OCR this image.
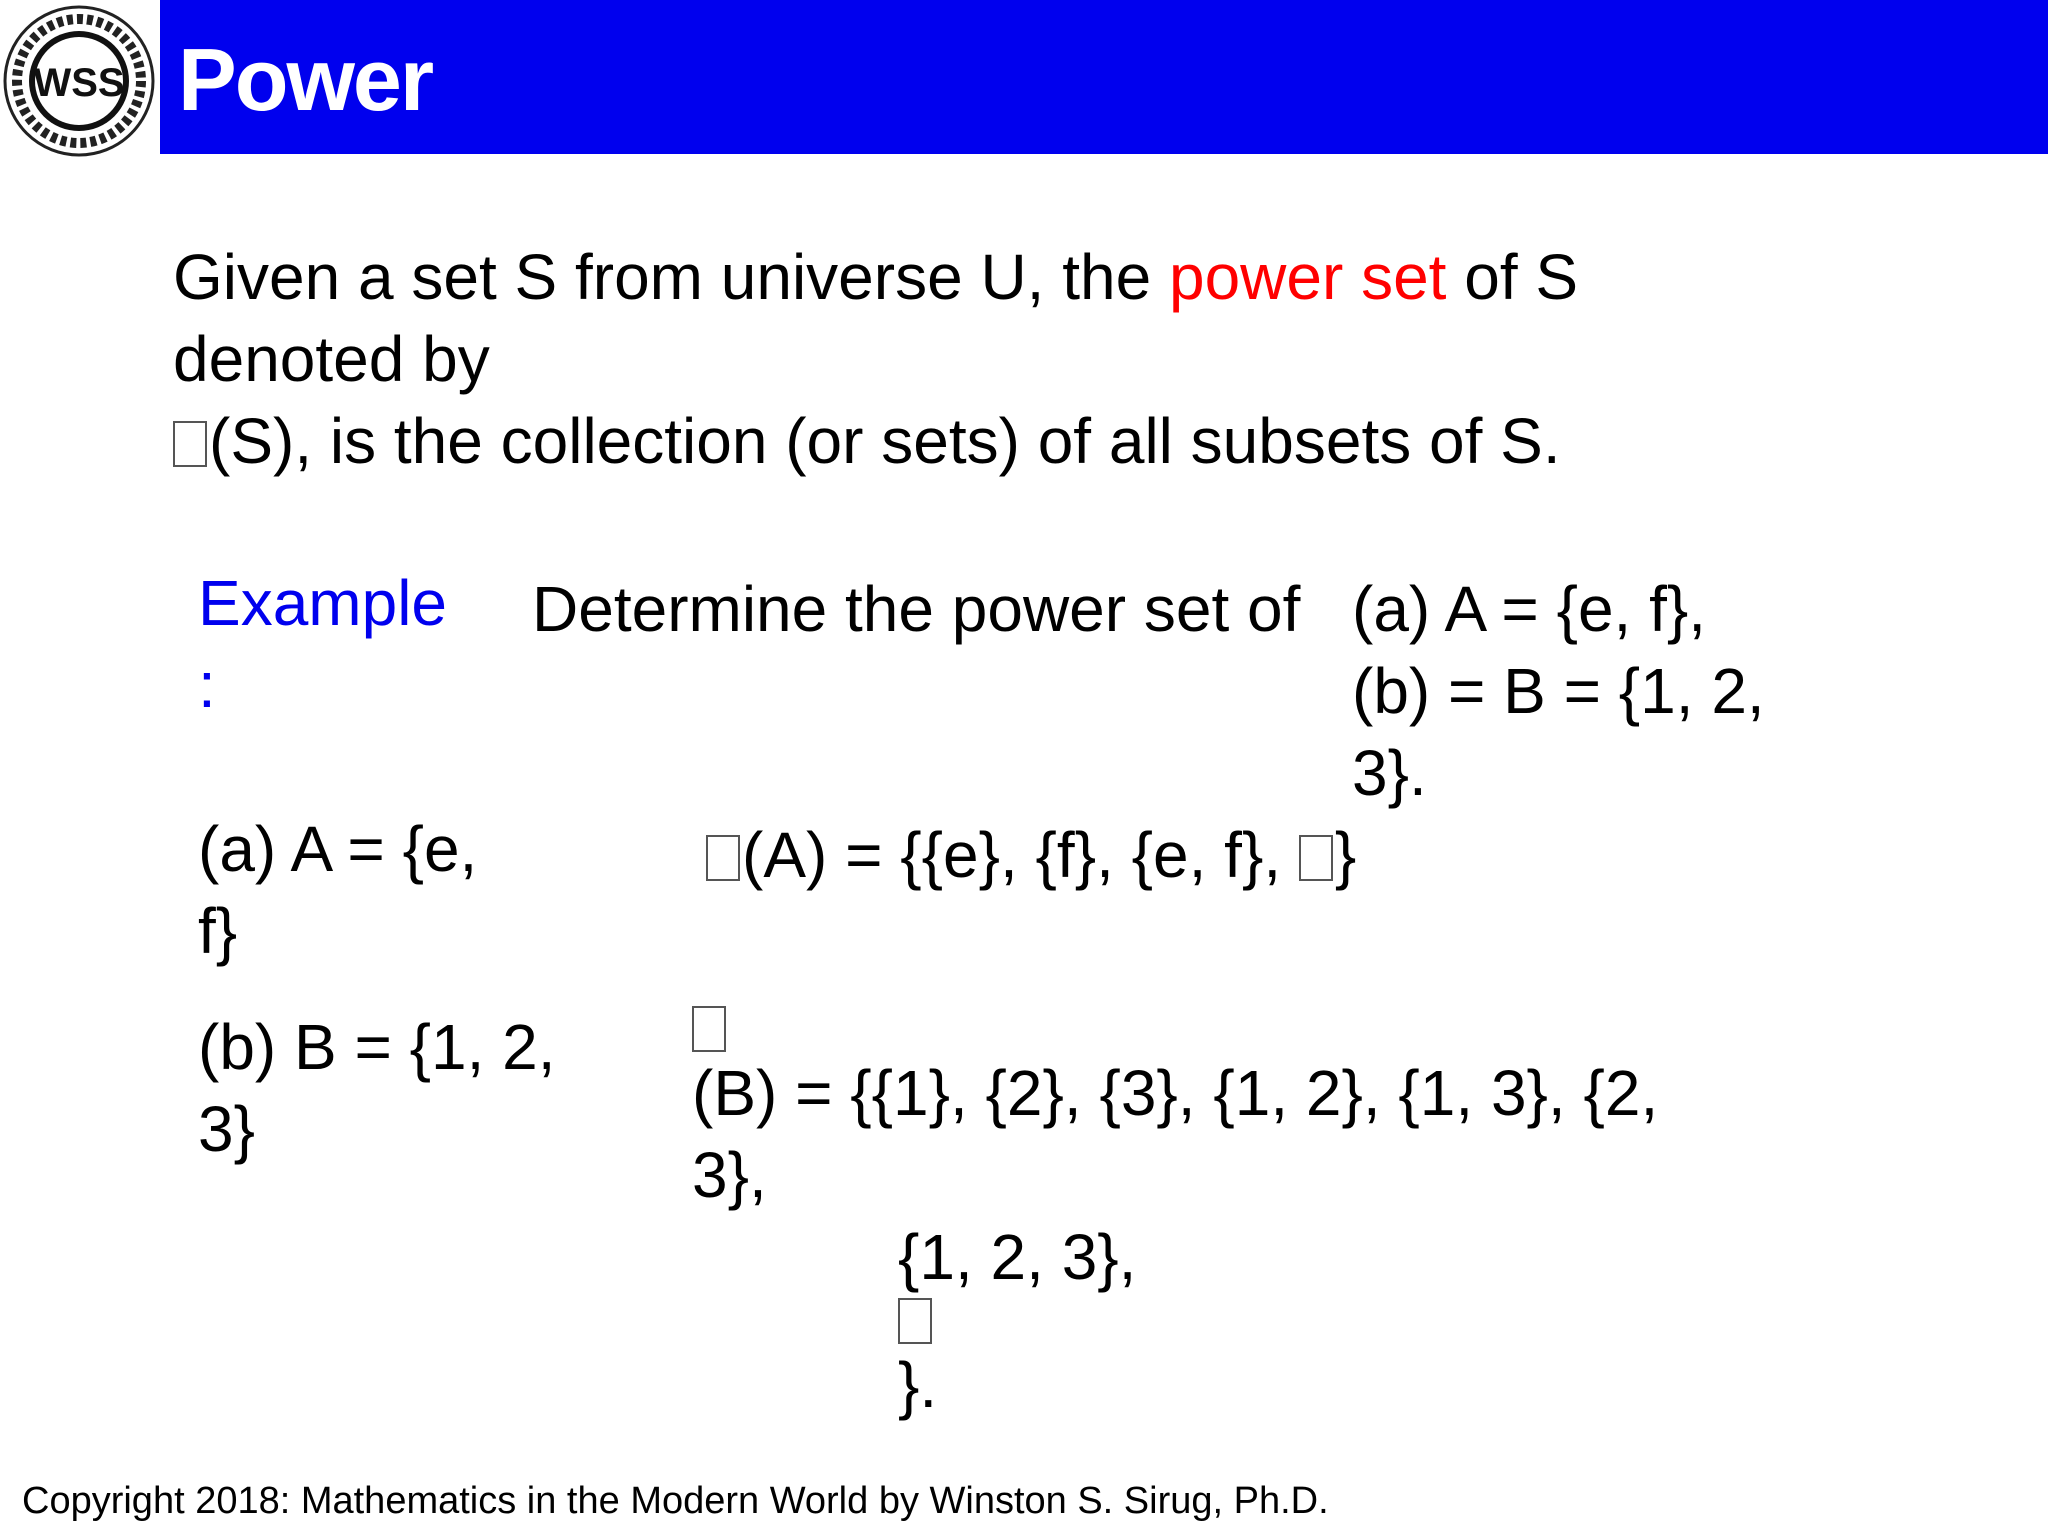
WSS Power
Given a set S from universe U, the power set of S
denoted by
(S), is the collection (or sets) of all subsets of S.
Example
:
Determine the power set of (a) A = {e, f},
(b) = B = {1, 2,
3}.
(a) A = {e,
f}
(A) = {{e}, {f}, {e, f}, }
(b) B = {1, 2,
3}	(B) = {{1}, {2}, {3}, {1, 2}, {1, 3}, {2,
3},
{1, 2, 3},
}.
Copyright 2018: Mathematics in the Modern World by Winston S. Sirug, Ph.D.
